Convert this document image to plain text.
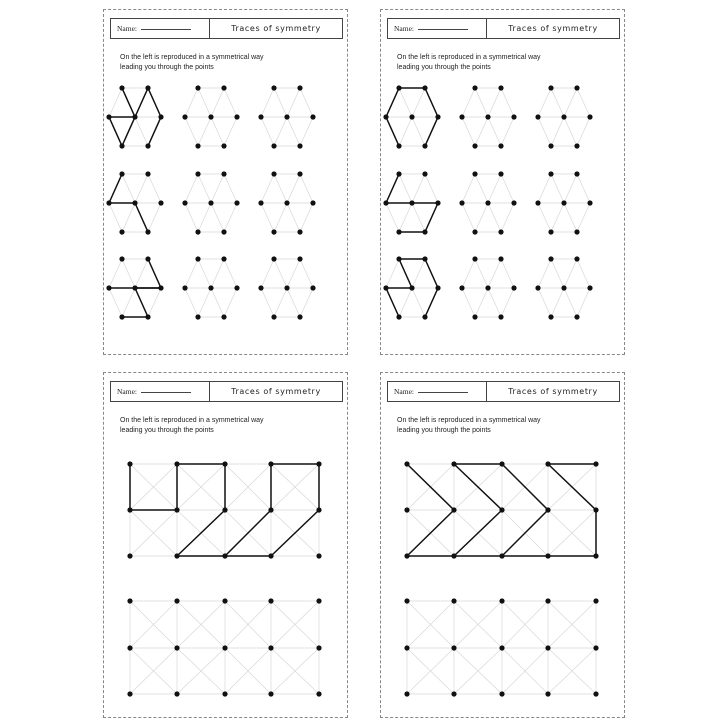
Name:	Traces of symmetry
On the left is reproduced in a symmetrical way
leading you through the points
Name:	Traces of symmetry
On the left is reproduced in a symmetrical way
leading you through the points
Name:	Traces of symmetry
On the left is reproduced in a symmetrical way
leading you through the points
Name:	Traces of symmetry
On the left is reproduced in a symmetrical way
leading you through the points
